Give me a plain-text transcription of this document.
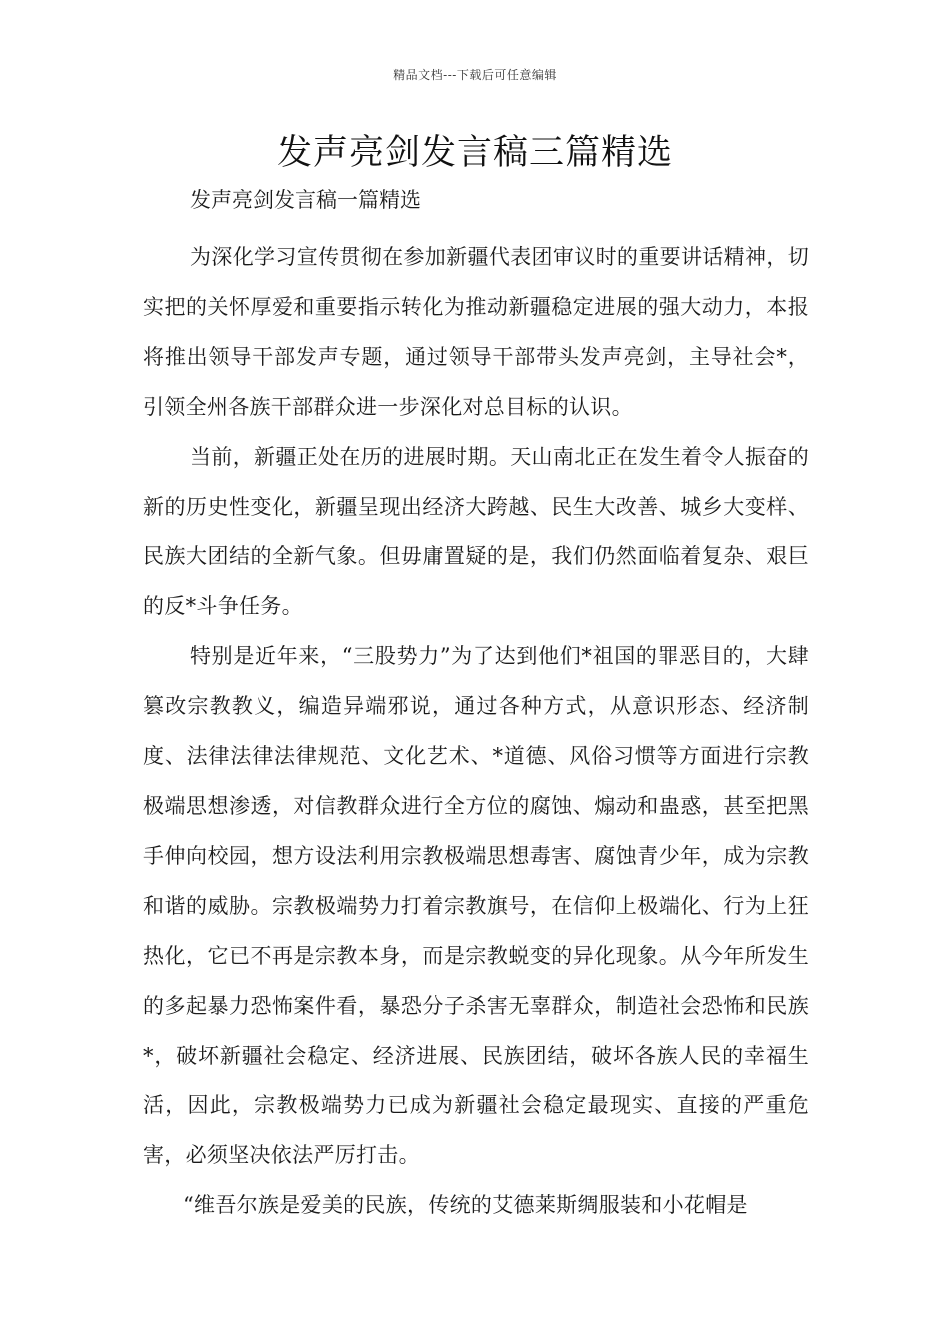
精品文档---下载后可任意编辑
发声亮剑发言稿三篇精选

发声亮剑发言稿一篇精选

为深化学习宣传贯彻在参加新疆代表团审议时的重要讲话精神，切实把的关怀厚爱和重要指示转化为推动新疆稳定进展的强大动力，本报将推出领导干部发声专题，通过领导干部带头发声亮剑，主导社会*，引领全州各族干部群众进一步深化对总目标的认识。

当前，新疆正处在历的进展时期。天山南北正在发生着令人振奋的新的历史性变化，新疆呈现出经济大跨越、民生大改善、城乡大变样、民族大团结的全新气象。但毋庸置疑的是，我们仍然面临着复杂、艰巨的反*斗争任务。

特别是近年来，“三股势力”为了达到他们*祖国的罪恶目的，大肆篡改宗教教义，编造异端邪说，通过各种方式，从意识形态、经济制度、法律法律法律规范、文化艺术、*道德、风俗习惯等方面进行宗教极端思想渗透，对信教群众进行全方位的腐蚀、煽动和蛊惑，甚至把黑手伸向校园，想方设法利用宗教极端思想毒害、腐蚀青少年，成为宗教和谐的威胁。宗教极端势力打着宗教旗号，在信仰上极端化、行为上狂热化，它已不再是宗教本身，而是宗教蜕变的异化现象。从今年所发生的多起暴力恐怖案件看，暴恐分子杀害无辜群众，制造社会恐怖和民族*，破坏新疆社会稳定、经济进展、民族团结，破坏各族人民的幸福生活，因此，宗教极端势力已成为新疆社会稳定最现实、直接的严重危害，必须坚决依法严厉打击。

“维吾尔族是爱美的民族，传统的艾德莱斯绸服装和小花帽是
